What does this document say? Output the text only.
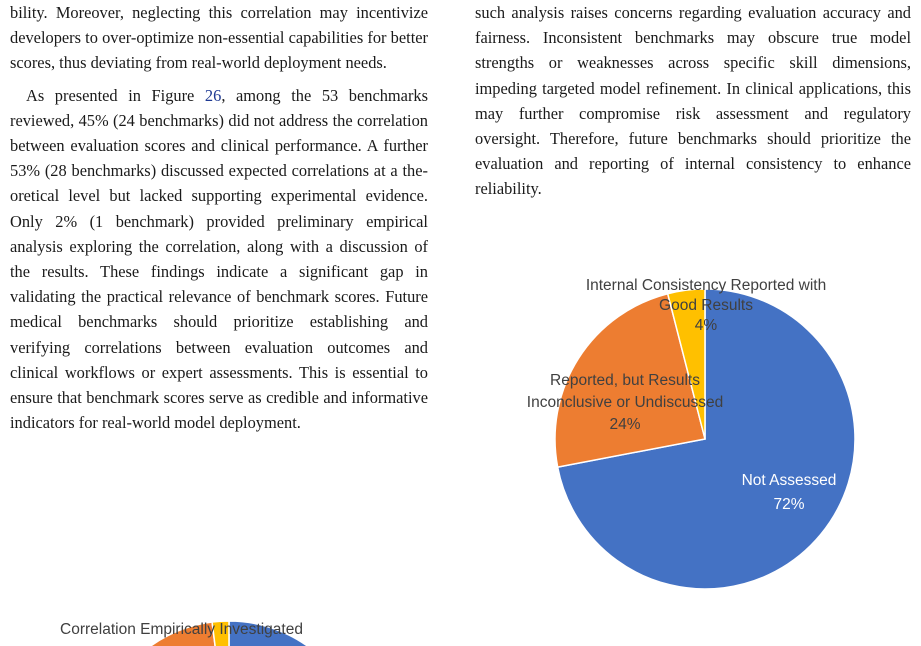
bility. Moreover, neglecting this correlation may incentivize developers to over-optimize non-essential capabilities for better scores, thus deviating from real-world deployment needs.

As presented in Figure 26, among the 53 benchmarks reviewed, 45% (24 benchmarks) did not address the correlation between evaluation scores and clinical performance. A further 53% (28 benchmarks) discussed expected correlations at a theoretical level but lacked supporting experimental evidence. Only 2% (1 benchmark) provided preliminary empirical analysis exploring the correlation, along with a discussion of the results. These findings indicate a significant gap in validating the practical relevance of benchmark scores. Future medical benchmarks should prioritize establishing and verifying correlations between evaluation outcomes and clinical workflows or expert assessments. This is essential to ensure that benchmark scores serve as credible and informative indicators for real-world model deployment.

such analysis raises concerns regarding evaluation accuracy and fairness. Inconsistent benchmarks may obscure true model strengths or weaknesses across specific skill dimensions, impeding targeted model refinement. In clinical applications, this may further compromise risk assessment and regulatory oversight. Therefore, future benchmarks should prioritize the evaluation and reporting of internal consistency to enhance reliability.

Not Assessed 72%
Reported, but Results Inconclusive or Undiscussed 24%
Internal Consistency Reported with Good Results 4%
Correlation Empirically Investigated
